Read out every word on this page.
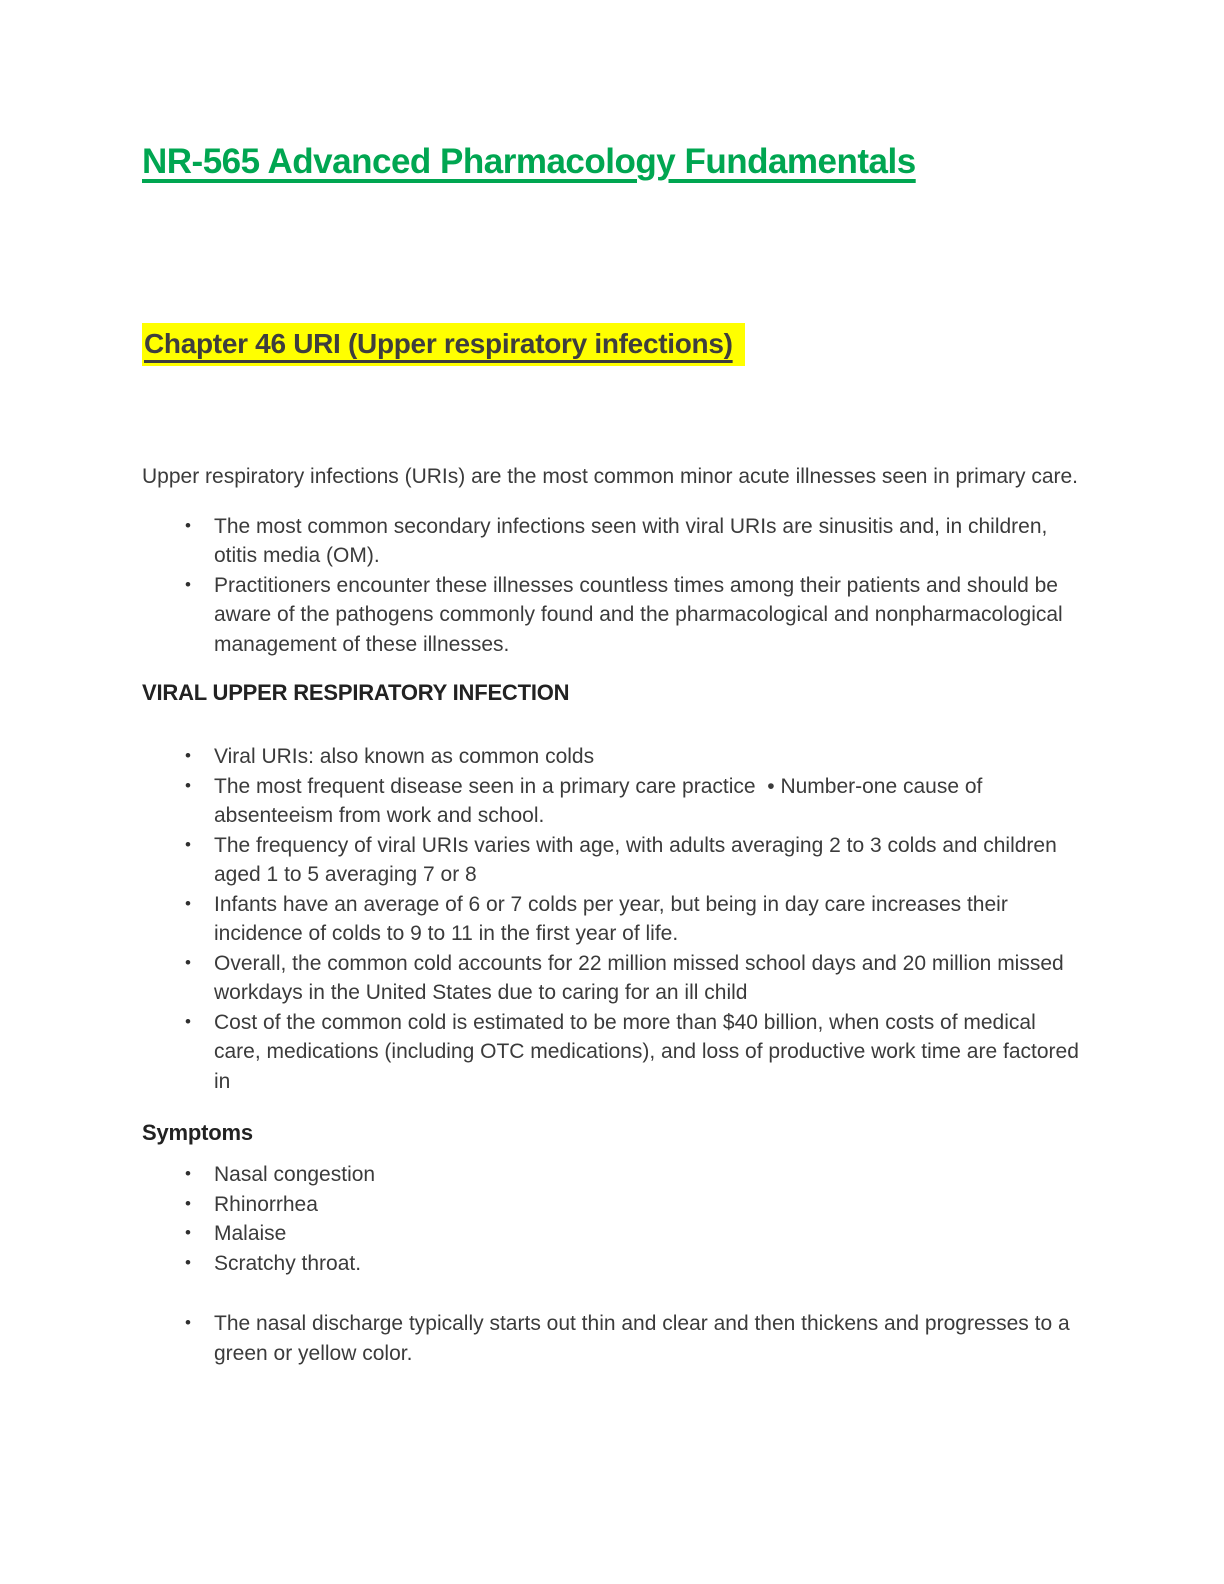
NR-565 Advanced Pharmacology Fundamentals
Chapter 46 URI (Upper respiratory infections)

Upper respiratory infections (URIs) are the most common minor acute illnesses seen in primary care.

• The most common secondary infections seen with viral URIs are sinusitis and, in children, otitis media (OM).
• Practitioners encounter these illnesses countless times among their patients and should be aware of the pathogens commonly found and the pharmacological and nonpharmacological management of these illnesses.
VIRAL UPPER RESPIRATORY INFECTION
• Viral URIs: also known as common colds
• The most frequent disease seen in a primary care practice  • Number-one cause of absenteeism from work and school.
• The frequency of viral URIs varies with age, with adults averaging 2 to 3 colds and children aged 1 to 5 averaging 7 or 8
• Infants have an average of 6 or 7 colds per year, but being in day care increases their incidence of colds to 9 to 11 in the first year of life.
• Overall, the common cold accounts for 22 million missed school days and 20 million missed workdays in the United States due to caring for an ill child
• Cost of the common cold is estimated to be more than $40 billion, when costs of medical care, medications (including OTC medications), and loss of productive work time are factored in
Symptoms
• Nasal congestion
• Rhinorrhea
• Malaise
• Scratchy throat.
• The nasal discharge typically starts out thin and clear and then thickens and progresses to a green or yellow color.
